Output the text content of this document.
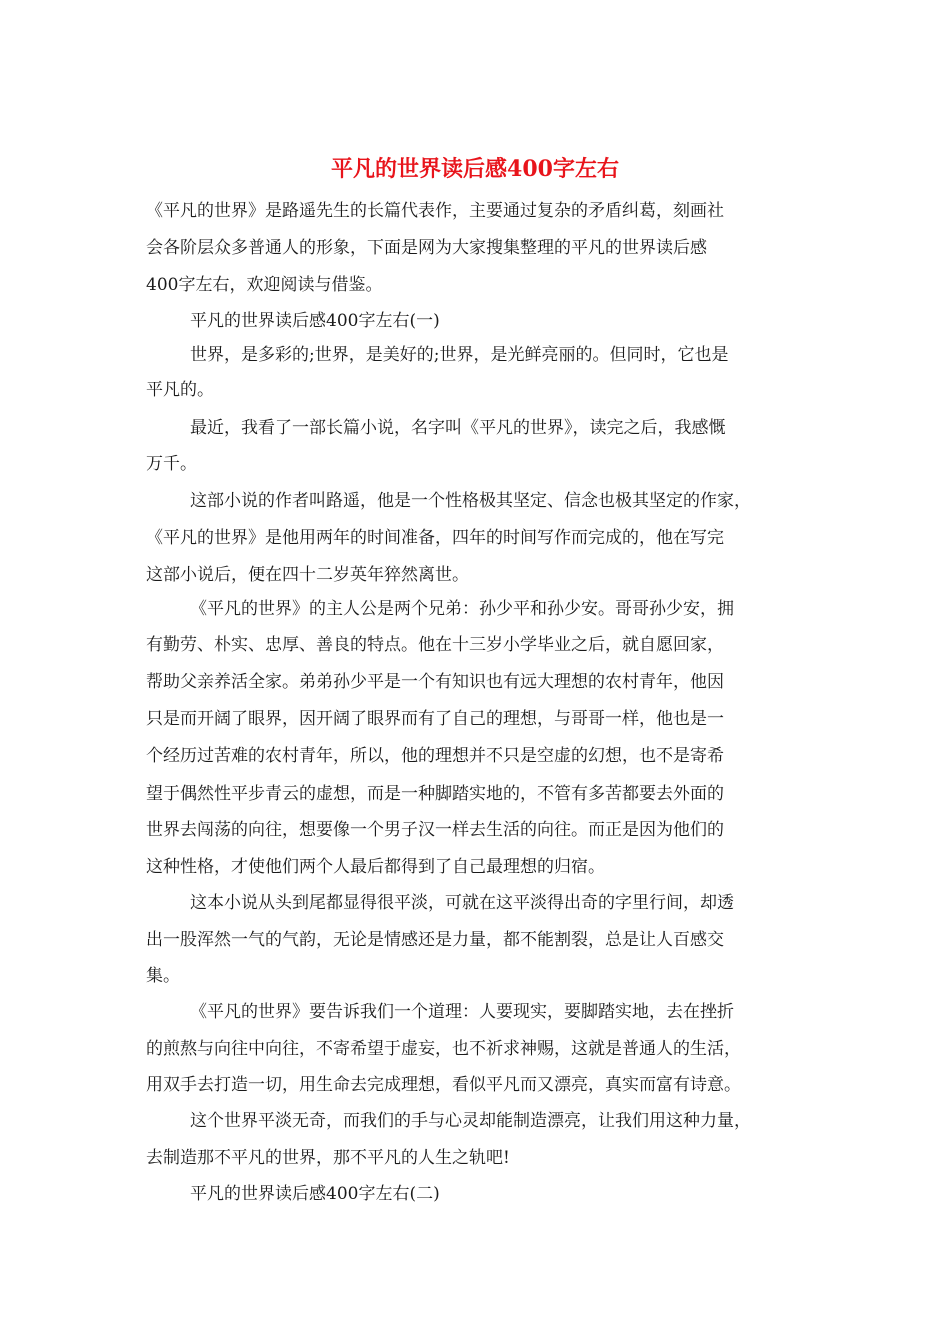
平凡的世界读后感400字左右

《平凡的世界》是路遥先生的长篇代表作，主要通过复杂的矛盾纠葛，刻画社

会各阶层众多普通人的形象，下面是网为大家搜集整理的平凡的世界读后感

400字左右，欢迎阅读与借鉴。

平凡的世界读后感400字左右(一)

世界，是多彩的;世界，是美好的;世界，是光鲜亮丽的。但同时，它也是

平凡的。

最近，我看了一部长篇小说，名字叫《平凡的世界》，读完之后，我感慨

万千。

这部小说的作者叫路遥，他是一个性格极其坚定、信念也极其坚定的作家，

《平凡的世界》是他用两年的时间准备，四年的时间写作而完成的，他在写完

这部小说后，便在四十二岁英年猝然离世。

《平凡的世界》的主人公是两个兄弟：孙少平和孙少安。哥哥孙少安，拥

有勤劳、朴实、忠厚、善良的特点。他在十三岁小学毕业之后，就自愿回家，

帮助父亲养活全家。弟弟孙少平是一个有知识也有远大理想的农村青年，他因

只是而开阔了眼界，因开阔了眼界而有了自己的理想，与哥哥一样，他也是一

个经历过苦难的农村青年，所以，他的理想并不只是空虚的幻想，也不是寄希

望于偶然性平步青云的虚想，而是一种脚踏实地的，不管有多苦都要去外面的

世界去闯荡的向往，想要像一个男子汉一样去生活的向往。而正是因为他们的

这种性格，才使他们两个人最后都得到了自己最理想的归宿。

这本小说从头到尾都显得很平淡，可就在这平淡得出奇的字里行间，却透

出一股浑然一气的气韵，无论是情感还是力量，都不能割裂，总是让人百感交

集。

《平凡的世界》要告诉我们一个道理：人要现实，要脚踏实地，去在挫折

的煎熬与向往中向往，不寄希望于虚妄，也不祈求神赐，这就是普通人的生活，

用双手去打造一切，用生命去完成理想，看似平凡而又漂亮，真实而富有诗意。

这个世界平淡无奇，而我们的手与心灵却能制造漂亮，让我们用这种力量，

去制造那不平凡的世界，那不平凡的人生之轨吧!

平凡的世界读后感400字左右(二)
